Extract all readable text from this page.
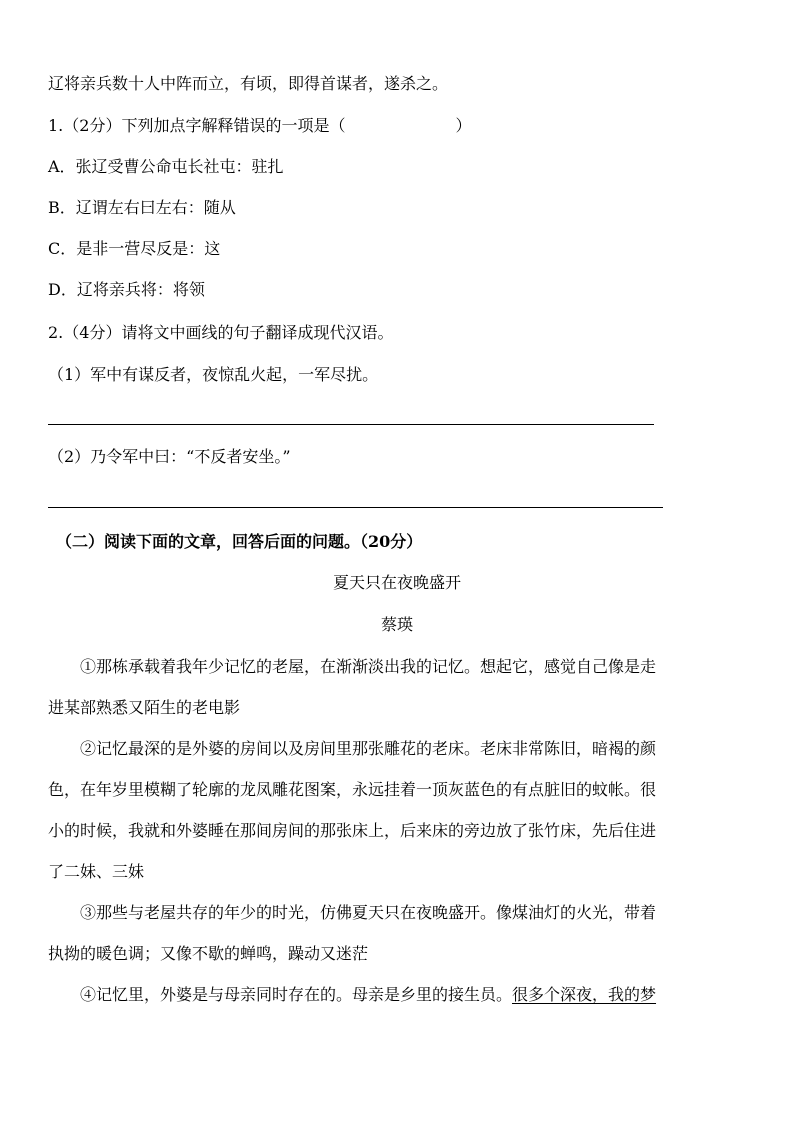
辽将亲兵数十人中阵而立，有顷，即得首谋者，遂杀之。
1.（2分）下列加点字解释错误的一项是（	）
A．张辽受曹公命屯长社屯：驻扎
B．辽谓左右曰左右：随从
C．是非一营尽反是：这
D．辽将亲兵将：将领
2.（4分）请将文中画线的句子翻译成现代汉语。
（1）军中有谋反者，夜惊乱火起，一军尽扰。
（2）乃令军中曰：“不反者安坐。”
（二）阅读下面的文章，回答后面的问题。（20分）
夏天只在夜晚盛开
蔡瑛
①那栋承载着我年少记忆的老屋，在渐渐淡出我的记忆。想起它，感觉自己像是走
进某部熟悉又陌生的老电影
②记忆最深的是外婆的房间以及房间里那张雕花的老床。老床非常陈旧，暗褐的颜
色，在年岁里模糊了轮廓的龙凤雕花图案，永远挂着一顶灰蓝色的有点脏旧的蚊帐。很
小的时候，我就和外婆睡在那间房间的那张床上，后来床的旁边放了张竹床，先后住进
了二妹、三妹
③那些与老屋共存的年少的时光，仿佛夏天只在夜晚盛开。像煤油灯的火光，带着
执拗的暖色调；又像不歇的蝉鸣，躁动又迷茫
④记忆里，外婆是与母亲同时存在的。母亲是乡里的接生员。很多个深夜，我的梦
